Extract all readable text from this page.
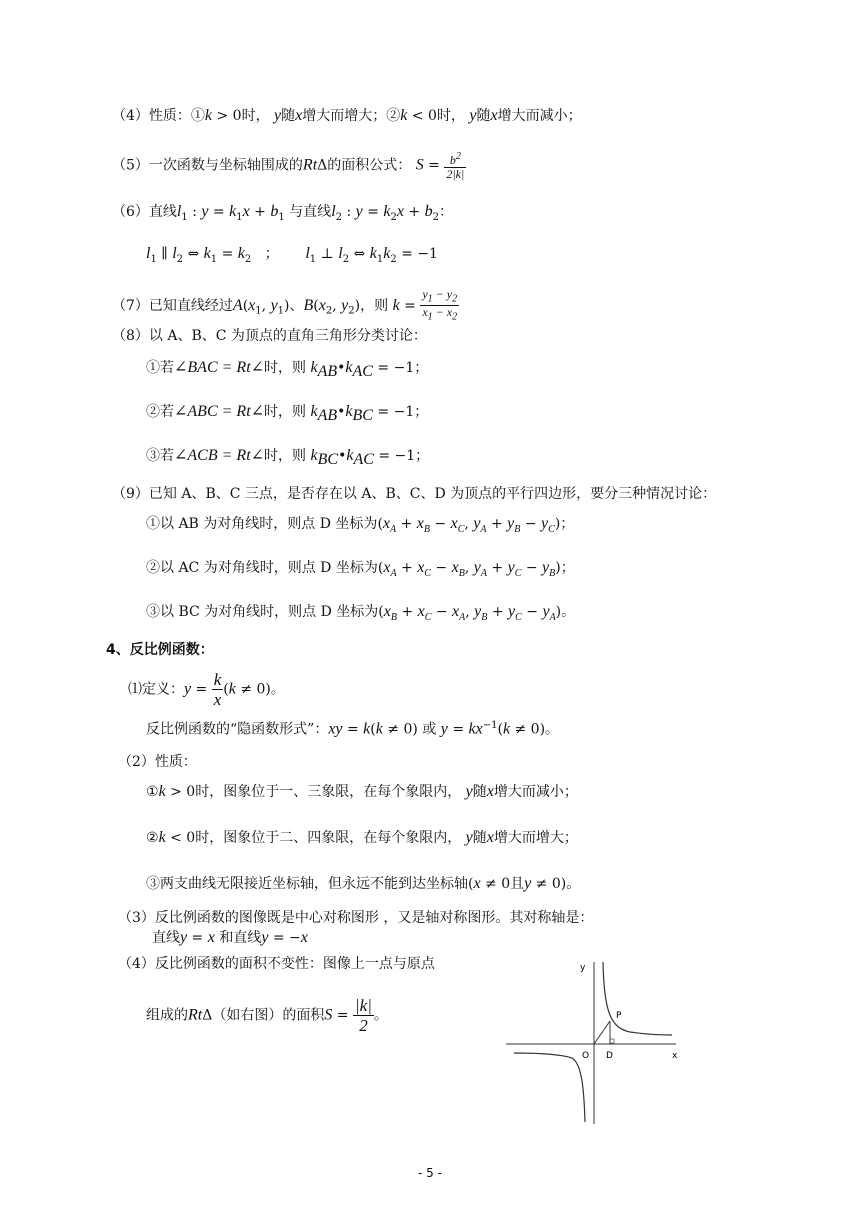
（4）性质：①k > 0时， y随x增大而增大；②k < 0时， y随x增大而减小；
（5）一次函数与坐标轴围成的RtΔ的面积公式： $S = \frac{b^2}{2|k|}$
（6）直线$l_1$ : $y = k_1x + b_1$ 与直线$l_2$ : $y = k_2x + b_2$：
$l_1$ ∥ $l_2$ ⇔ $k_1 = k_2$ ； $l_1$ ⊥ $l_2$ ⇔ $k_1k_2 = -1$
（7）已知直线经过$A(x_1$, $y_1$)、$B(x_2$, $y_2$)，则 $k = \frac{y_1 - y_2}{x_1 - x_2}$
（8）以 A、B、C 为顶点的直角三角形分类讨论：
①若∠BAC = Rt∠时，则 $k_{AB}•k_{AC} = -1$；
②若∠ABC = Rt∠时，则 $k_{AB}•k_{BC} = -1$；
③若∠ACB = Rt∠时，则 $k_{BC}•k_{AC} = -1$；
（9）已知 A、B、C 三点，是否存在以 A、B、C、D 为顶点的平行四边形，要分三种情况讨论：
①以 AB 为对角线时，则点 D 坐标为($x_A + x_B - x_C$, $y_A + y_B - y_C$)；
②以 AC 为对角线时，则点 D 坐标为($x_A + x_C - x_B$, $y_A + y_C - y_B$)；
③以 BC 为对角线时，则点 D 坐标为($x_B + x_C - x_A$, $y_B + y_C - y_A$)。
4、反比例函数：
⑴定义：$y = \frac{k}{x} (k \ne 0)$。
反比例函数的“隐函数形式”：xy = k(k ≠ 0) 或 $y = kx^{-1}(k \ne 0)$。
（2）性质：
①k > 0时，图象位于一、三象限，在每个象限内， y随x增大而减小；
②k < 0时，图象位于二、四象限，在每个象限内， y随x增大而增大；
③两支曲线无限接近坐标轴，但永远不能到达坐标轴(x ≠ 0且y ≠ 0)。
（3）反比例函数的图像既是中心对称图形 ，又是轴对称图形。其对称轴是：
直线y = x 和直线y = −x
（4）反比例函数的面积不变性：图像上一点与原点
组成的RtΔ（如右图）的面积$S = \frac{|k|}{2}$ 。
y
x
O D
P
- 5 -
